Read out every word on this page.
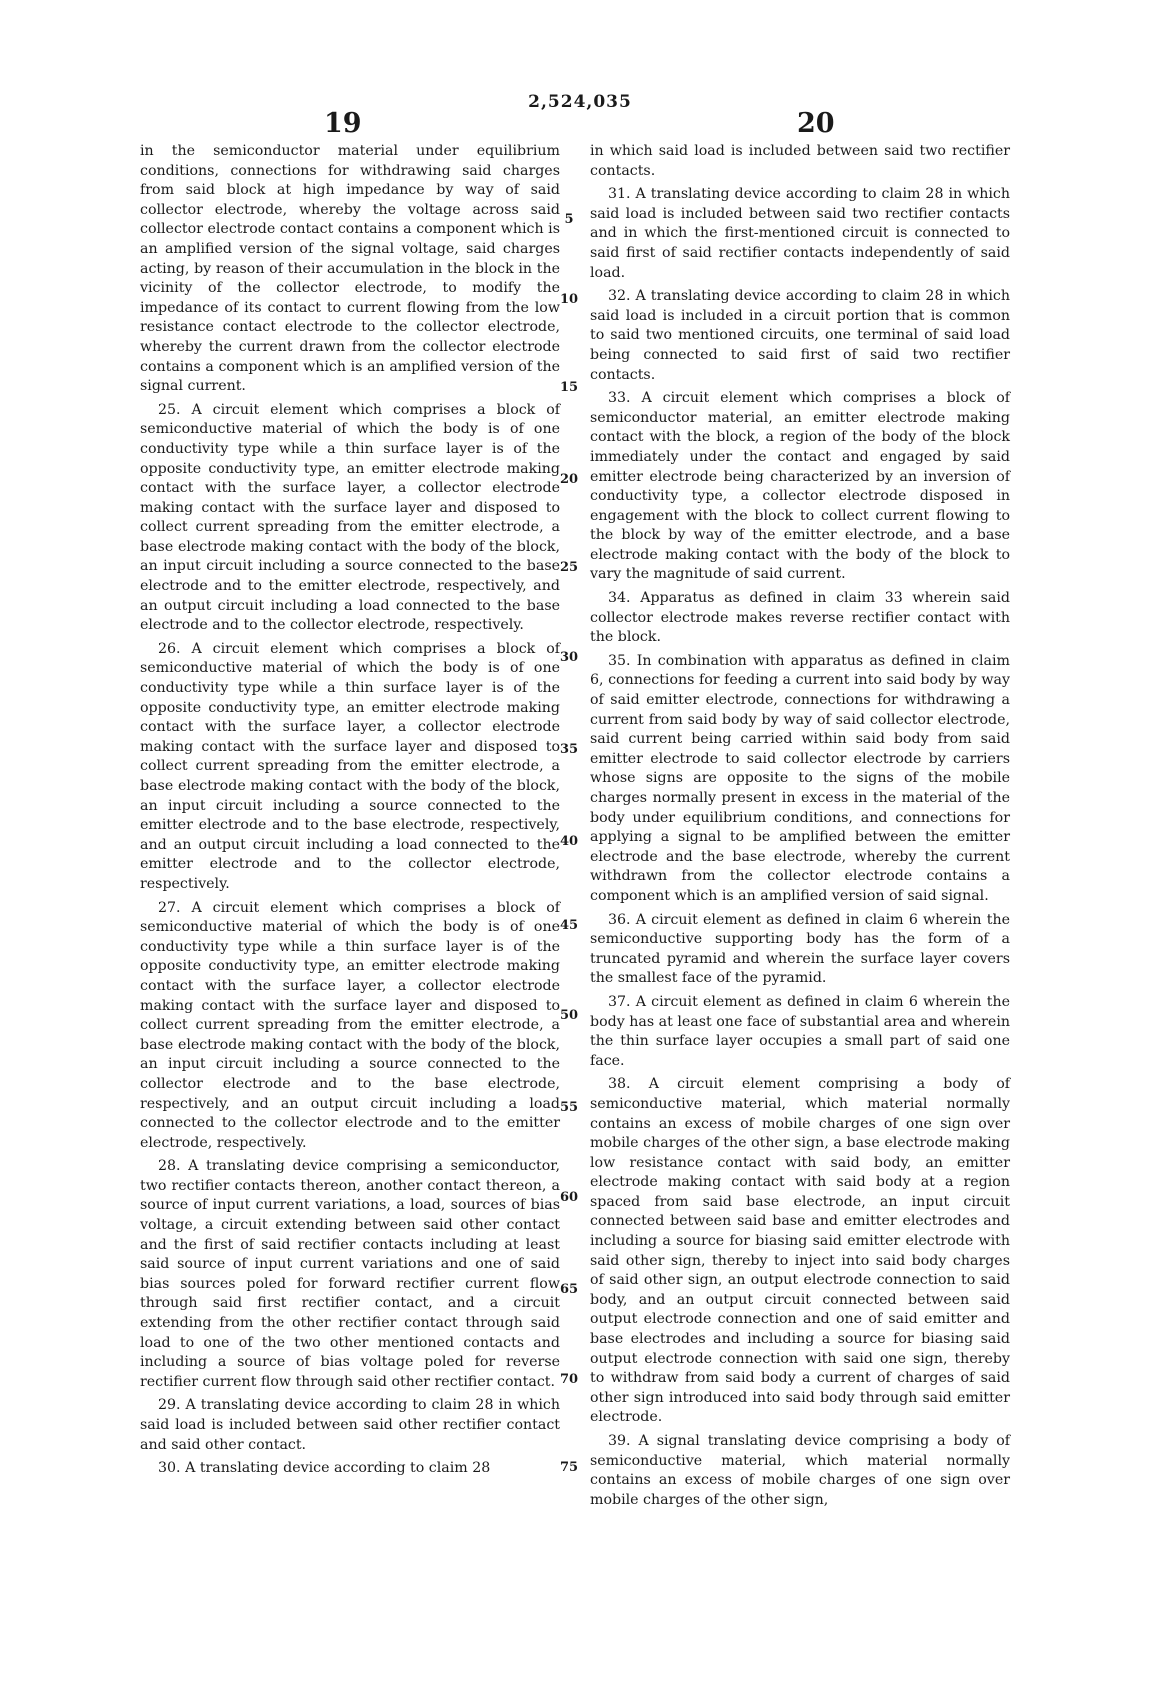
2,524,035
19	20

in the semiconductor material under equilibrium conditions, connections for withdrawing said charges from said block at high impedance by way of said collector electrode, whereby the voltage across said collector electrode contact contains a component which is an amplified version of the signal voltage, said charges acting, by reason of their accumulation in the block in the vicinity of the collector electrode, to modify the impedance of its contact to current flowing from the low resistance contact electrode to the collector electrode, whereby the current drawn from the collector electrode contains a component which is an amplified version of the signal current.

25. A circuit element which comprises a block of semiconductive material of which the body is of one conductivity type while a thin surface layer is of the opposite conductivity type, an emitter electrode making contact with the surface layer, a collector electrode making contact with the surface layer and disposed to collect current spreading from the emitter electrode, a base electrode making contact with the body of the block, an input circuit including a source connected to the base electrode and to the emitter electrode, respectively, and an output circuit including a load connected to the base electrode and to the collector electrode, respectively.

26. A circuit element which comprises a block of semiconductive material of which the body is of one conductivity type while a thin surface layer is of the opposite conductivity type, an emitter electrode making contact with the surface layer, a collector electrode making contact with the surface layer and disposed to collect current spreading from the emitter electrode, a base electrode making contact with the body of the block, an input circuit including a source connected to the emitter electrode and to the base electrode, respectively, and an output circuit including a load connected to the emitter electrode and to the collector electrode, respectively.

27. A circuit element which comprises a block of semiconductive material of which the body is of one conductivity type while a thin surface layer is of the opposite conductivity type, an emitter electrode making contact with the surface layer, a collector electrode making contact with the surface layer and disposed to collect current spreading from the emitter electrode, a base electrode making contact with the body of the block, an input circuit including a source connected to the collector electrode and to the base electrode, respectively, and an output circuit including a load connected to the collector electrode and to the emitter electrode, respectively.

28. A translating device comprising a semiconductor, two rectifier contacts thereon, another contact thereon, a source of input current variations, a load, sources of bias voltage, a circuit extending between said other contact and the first of said rectifier contacts including at least said source of input current variations and one of said bias sources poled for forward rectifier current flow through said first rectifier contact, and a circuit extending from the other rectifier contact through said load to one of the two other mentioned contacts and including a source of bias voltage poled for reverse rectifier current flow through said other rectifier contact.

29. A translating device according to claim 28 in which said load is included between said other rectifier contact and said other contact.

30. A translating device according to claim 28

5
10
15
20
25
30
35
40
45
50
55
60
65
70
75

in which said load is included between said two rectifier contacts.

31. A translating device according to claim 28 in which said load is included between said two rectifier contacts and in which the first-mentioned circuit is connected to said first of said rectifier contacts independently of said load.

32. A translating device according to claim 28 in which said load is included in a circuit portion that is common to said two mentioned circuits, one terminal of said load being connected to said first of said two rectifier contacts.

33. A circuit element which comprises a block of semiconductor material, an emitter electrode making contact with the block, a region of the body of the block immediately under the contact and engaged by said emitter electrode being characterized by an inversion of conductivity type, a collector electrode disposed in engagement with the block to collect current flowing to the block by way of the emitter electrode, and a base electrode making contact with the body of the block to vary the magnitude of said current.

34. Apparatus as defined in claim 33 wherein said collector electrode makes reverse rectifier contact with the block.

35. In combination with apparatus as defined in claim 6, connections for feeding a current into said body by way of said emitter electrode, connections for withdrawing a current from said body by way of said collector electrode, said current being carried within said body from said emitter electrode to said collector electrode by carriers whose signs are opposite to the signs of the mobile charges normally present in excess in the material of the body under equilibrium conditions, and connections for applying a signal to be amplified between the emitter electrode and the base electrode, whereby the current withdrawn from the collector electrode contains a component which is an amplified version of said signal.

36. A circuit element as defined in claim 6 wherein the semiconductive supporting body has the form of a truncated pyramid and wherein the surface layer covers the smallest face of the pyramid.

37. A circuit element as defined in claim 6 wherein the body has at least one face of substantial area and wherein the thin surface layer occupies a small part of said one face.

38. A circuit element comprising a body of semiconductive material, which material normally contains an excess of mobile charges of one sign over mobile charges of the other sign, a base electrode making low resistance contact with said body, an emitter electrode making contact with said body at a region spaced from said base electrode, an input circuit connected between said base and emitter electrodes and including a source for biasing said emitter electrode with said other sign, thereby to inject into said body charges of said other sign, an output electrode connection to said body, and an output circuit connected between said output electrode connection and one of said emitter and base electrodes and including a source for biasing said output electrode connection with said one sign, thereby to withdraw from said body a current of charges of said other sign introduced into said body through said emitter electrode.

39. A signal translating device comprising a body of semiconductive material, which material normally contains an excess of mobile charges of one sign over mobile charges of the other sign,
